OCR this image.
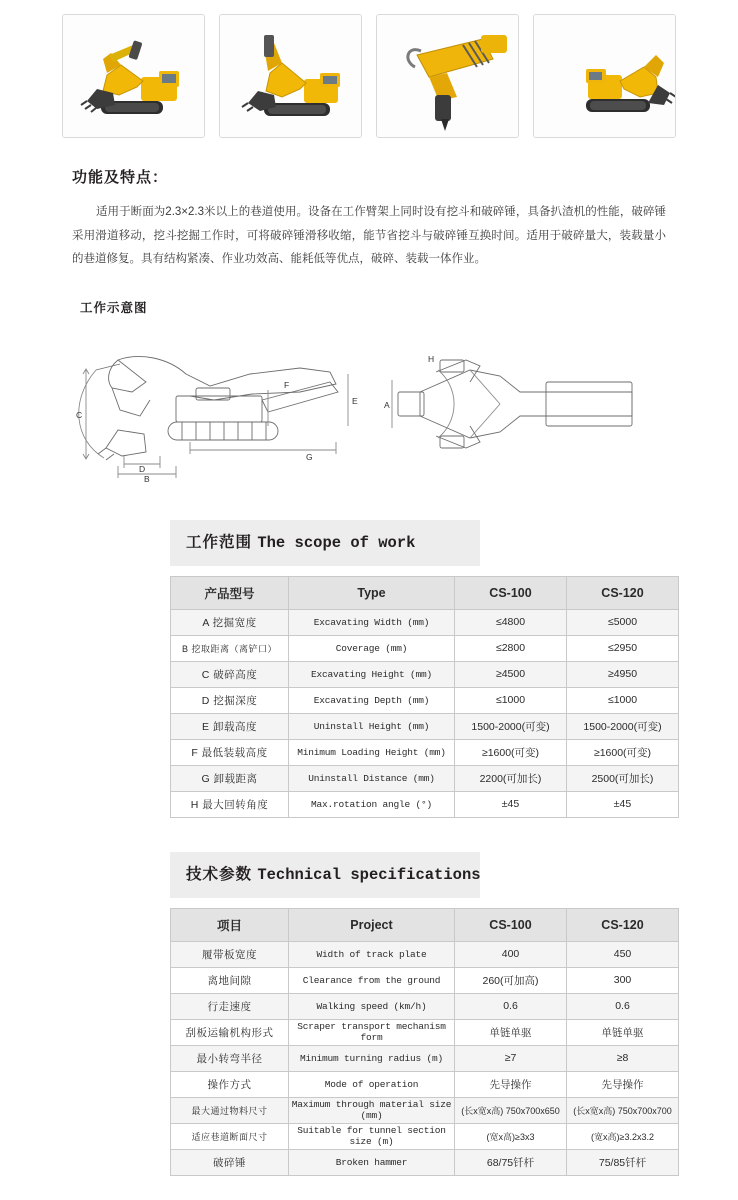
功能及特点：

适用于断面为2.3×2.3米以上的巷道使用。设备在工作臂架上同时设有挖斗和破碎锤，具备扒渣机的性能，破碎锤采用滑道移动，挖斗挖掘工作时，可将破碎锤滑移收缩，能节省挖斗与破碎锤互换时间。适用于破碎量大，装载量小的巷道修复。具有结构紧凑、作业功效高、能耗低等优点，破碎、装载一体作业。

工作示意图
C
D
B
F
G
E
H
A
工作范围 The scope of work
产品型号	Type	CS-100	CS-120
A 挖掘宽度	Excavating Width (mm)	≤4800	≤5000
B 挖取距离（离铲口）	Coverage (mm)	≤2800	≤2950
C 破碎高度	Excavating Height (mm)	≥4500	≥4950
D 挖掘深度	Excavating Depth (mm)	≤1000	≤1000
E 卸载高度	Uninstall Height (mm)	1500-2000(可变)	1500-2000(可变)
F 最低装载高度	Minimum Loading Height (mm)	≥1600(可变)	≥1600(可变)
G 卸载距离	Uninstall Distance (mm)	2200(可加长)	2500(可加长)
H 最大回转角度	Max.rotation angle (°)	±45	±45
技术参数 Technical specifications
项目	Project	CS-100	CS-120
履带板宽度	Width of track plate	400	450
离地间隙	Clearance from the ground	260(可加高)	300
行走速度	Walking speed (km/h)	0.6	0.6
刮板运输机构形式	Scraper transport mechanism form	单链单驱	单链单驱
最小转弯半径	Minimum turning radius (m)	≥7	≥8
操作方式	Mode of operation	先导操作	先导操作
最大通过物料尺寸	Maximum through material size (mm)	(长x宽x高) 750x700x650	(长x宽x高) 750x700x700
适应巷道断面尺寸	Suitable for tunnel section size (m)	(宽x高)≥3x3	(宽x高)≥3.2x3.2
破碎锤	Broken hammer	68/75钎杆	75/85钎杆
